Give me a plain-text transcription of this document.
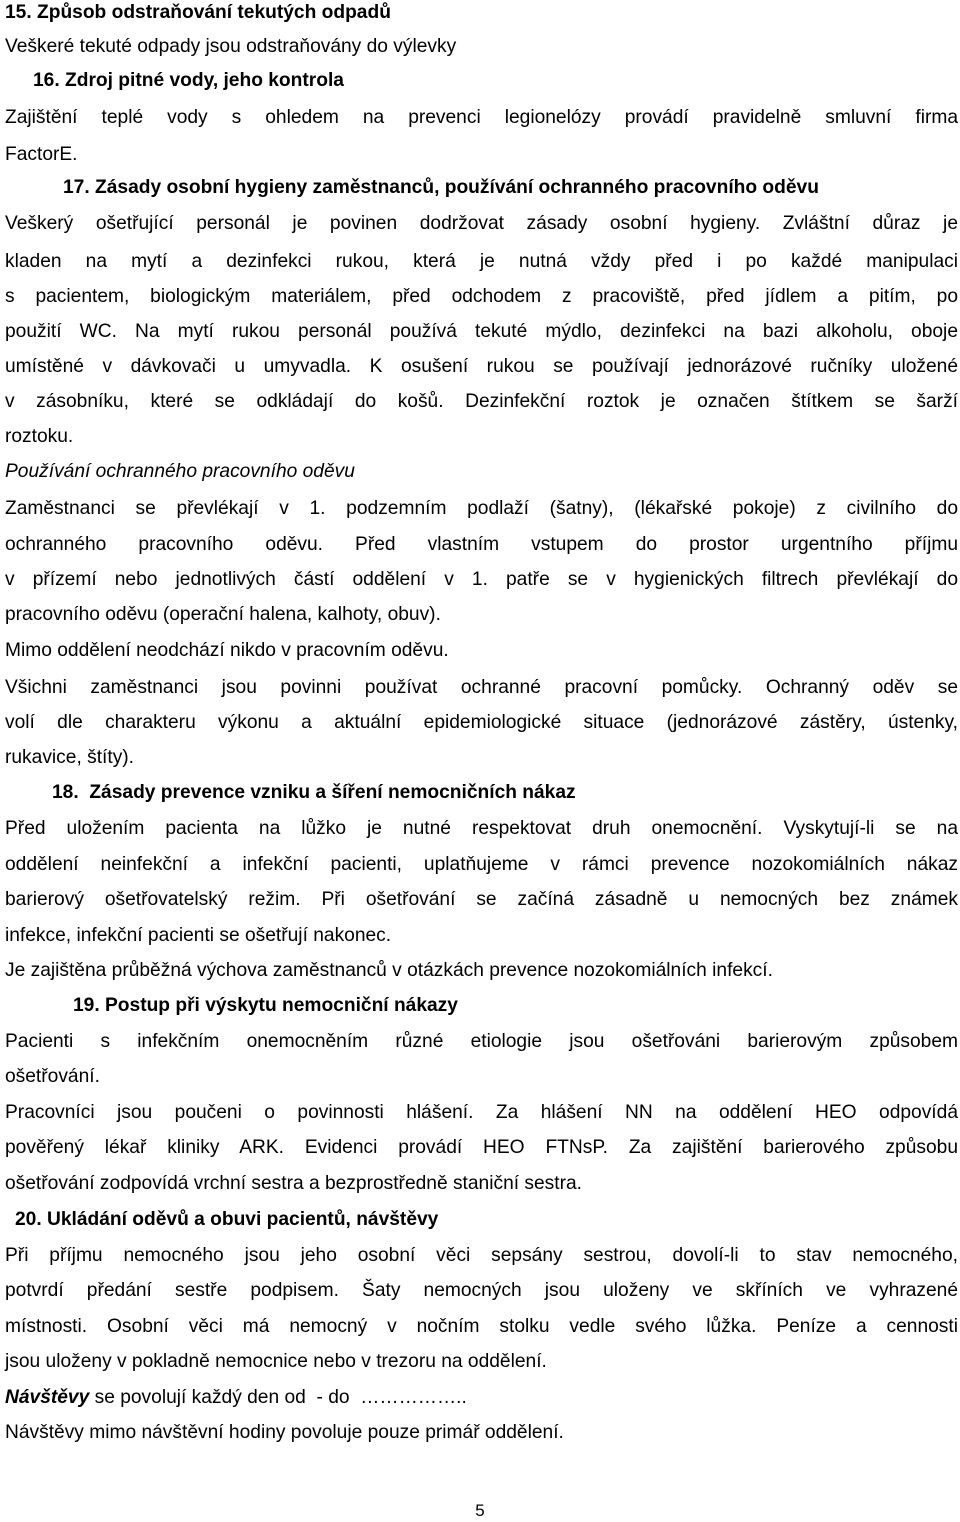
15. Způsob odstraňování tekutých odpadů
Veškeré tekuté odpady jsou odstraňovány do výlevky
16. Zdroj pitné vody, jeho kontrola
Zajištění teplé vody s ohledem na prevenci legionelózy provádí pravidelně smluvní firma
FactorE.
17. Zásady osobní hygieny zaměstnanců, používání ochranného pracovního oděvu
Veškerý ošetřující personál je povinen dodržovat zásady osobní hygieny. Zvláštní důraz je
kladen na mytí a dezinfekci rukou, která je nutná vždy před i po každé manipulaci
s pacientem, biologickým materiálem, před odchodem z pracoviště, před jídlem a pitím, po
použití WC. Na mytí rukou personál používá tekuté mýdlo, dezinfekci na bazi alkoholu, oboje
umístěné v dávkovači u umyvadla. K osušení rukou se používají jednorázové ručníky uložené
v zásobníku, které se odkládají do košů. Dezinfekční roztok je označen štítkem se šarží
roztoku.
Používání ochranného pracovního oděvu
Zaměstnanci se převlékají v 1. podzemním podlaží (šatny), (lékařské pokoje) z civilního do
ochranného pracovního oděvu. Před vlastním vstupem do prostor urgentního příjmu
v přízemí nebo jednotlivých částí oddělení v 1. patře se v hygienických filtrech převlékají do
pracovního oděvu (operační halena, kalhoty, obuv).
Mimo oddělení neodchází nikdo v pracovním oděvu.
Všichni zaměstnanci jsou povinni používat ochranné pracovní pomůcky. Ochranný oděv se
volí dle charakteru výkonu a aktuální epidemiologické situace (jednorázové zástěry, ústenky,
rukavice, štíty).
18.  Zásady prevence vzniku a šíření nemocničních nákaz
Před uložením pacienta na lůžko je nutné respektovat druh onemocnění. Vyskytují-li se na
oddělení neinfekční a infekční pacienti, uplatňujeme v rámci prevence nozokomiálních nákaz
barierový ošetřovatelský režim. Při ošetřování se začíná zásadně u nemocných bez známek
infekce, infekční pacienti se ošetřují nakonec.
Je zajištěna průběžná výchova zaměstnanců v otázkách prevence nozokomiálních infekcí.
19. Postup při výskytu nemocniční nákazy
Pacienti s infekčním onemocněním různé etiologie jsou ošetřováni barierovým způsobem
ošetřování.
Pracovníci jsou poučeni o povinnosti hlášení. Za hlášení NN na oddělení HEO odpovídá
pověřený lékař kliniky ARK. Evidenci provádí HEO FTNsP. Za zajištění barierového způsobu
ošetřování zodpovídá vrchní sestra a bezprostředně staniční sestra.
20. Ukládání oděvů a obuvi pacientů, návštěvy
Při příjmu nemocného jsou jeho osobní věci sepsány sestrou, dovolí-li to stav nemocného,
potvrdí předání sestře podpisem. Šaty nemocných jsou uloženy ve skříních ve vyhrazené
místnosti. Osobní věci má nemocný v nočním stolku vedle svého lůžka. Peníze a cennosti
jsou uloženy v pokladně nemocnice nebo v trezoru na oddělení.
Návštěvy se povolují každý den od  - do  ……………..
Návštěvy mimo návštěvní hodiny povoluje pouze primář oddělení.
5
